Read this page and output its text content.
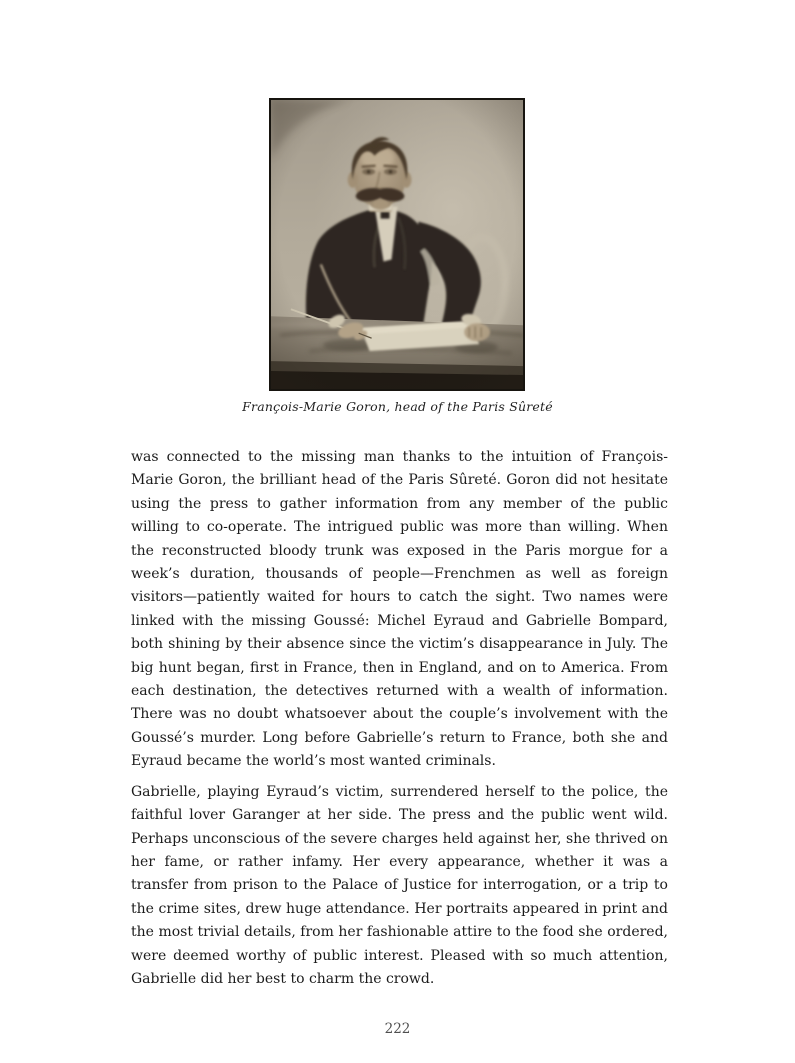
François-Marie Goron, head of the Paris Sûreté

was connected to the missing man thanks to the intuition of François-Marie Goron, the brilliant head of the Paris Sûreté. Goron did not hesitate using the press to gather information from any member of the public willing to co-operate. The intrigued public was more than willing. When the reconstructed bloody trunk was exposed in the Paris morgue for a week’s duration, thousands of people—Frenchmen as well as foreign visitors—patiently waited for hours to catch the sight. Two names were linked with the missing Goussé: Michel Eyraud and Gabrielle Bompard, both shining by their absence since the victim’s disappearance in July. The big hunt began, first in France, then in England, and on to America. From each destination, the detectives returned with a wealth of information. There was no doubt whatsoever about the couple’s involvement with the Goussé’s murder. Long before Gabrielle’s return to France, both she and Eyraud became the world’s most wanted criminals.

Gabrielle, playing Eyraud’s victim, surrendered herself to the police, the faithful lover Garanger at her side. The press and the public went wild. Perhaps unconscious of the severe charges held against her, she thrived on her fame, or rather infamy. Her every appearance, whether it was a transfer from prison to the Palace of Justice for interrogation, or a trip to the crime sites, drew huge attendance. Her portraits appeared in print and the most trivial details, from her fashionable attire to the food she ordered, were deemed worthy of public interest. Pleased with so much attention, Gabrielle did her best to charm the crowd.

222
